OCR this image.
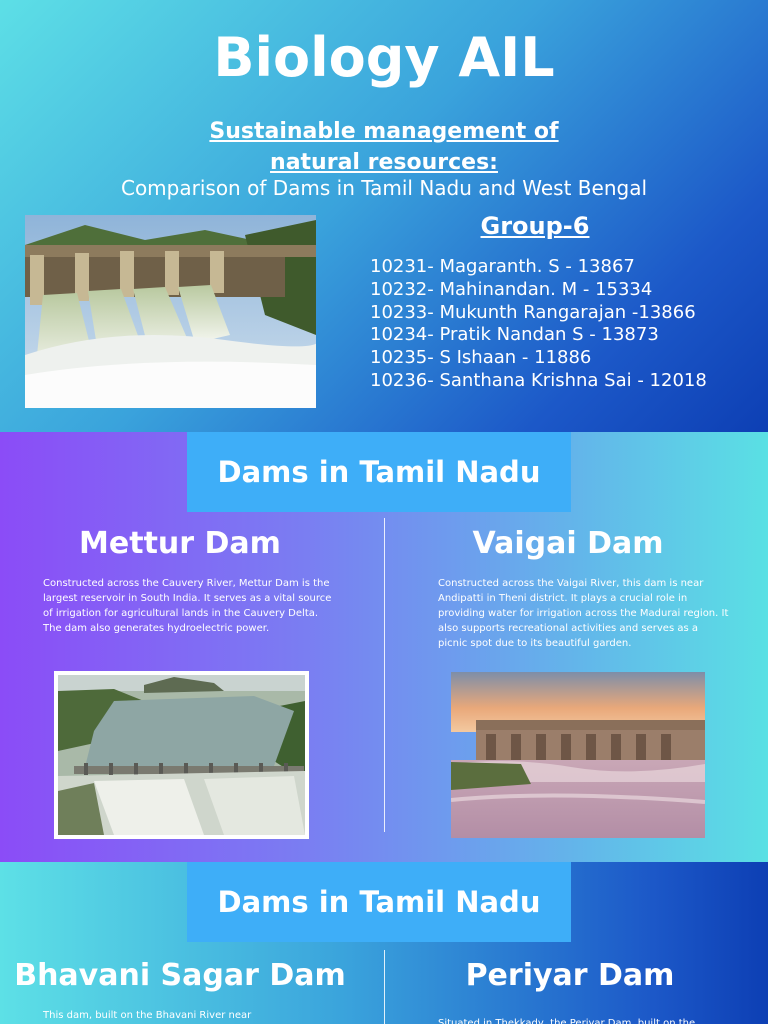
Biology AIL
Sustainable management of
natural resources:
Comparison of Dams in Tamil Nadu and West Bengal
Group-6
10231- Magaranth. S - 13867
10232- Mahinandan. M - 15334
10233- Mukunth Rangarajan -13866
10234- Pratik Nandan S - 13873
10235- S Ishaan - 11886
10236- Santhana Krishna Sai - 12018
Dams in Tamil Nadu
Mettur Dam
Constructed across the Cauvery River, Mettur Dam is the largest reservoir in South India. It serves as a vital source of irrigation for agricultural lands in the Cauvery Delta. The dam also generates hydroelectric power.
Vaigai Dam
Constructed across the Vaigai River, this dam is near Andipatti in Theni district. It plays a crucial role in providing water for irrigation across the Madurai region. It also supports recreational activities and serves as a picnic spot due to its beautiful garden.
Dams in Tamil Nadu
Bhavani Sagar Dam
This dam, built on the Bhavani River near
Periyar Dam
Situated in Thekkady, the Periyar Dam, built on the
